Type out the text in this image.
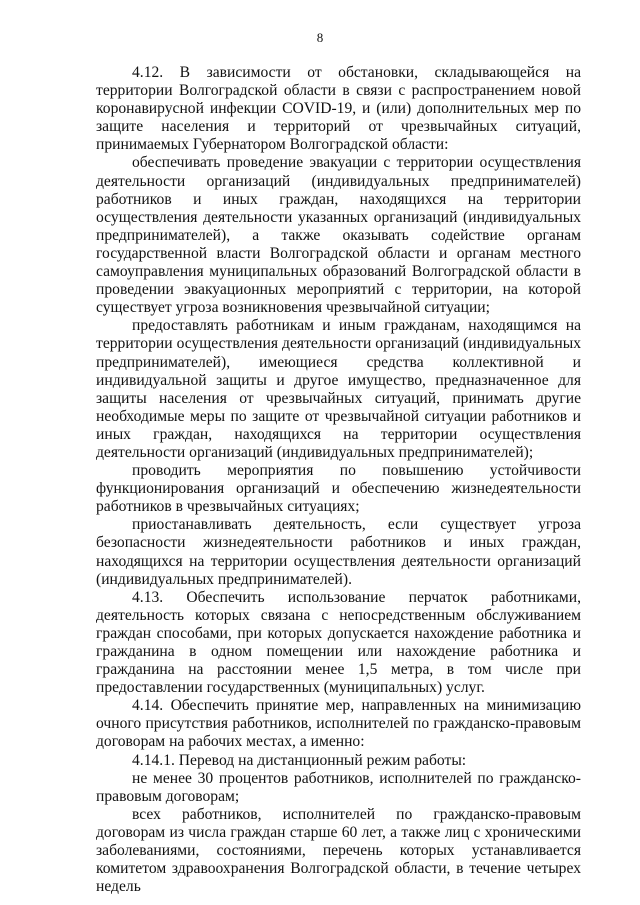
8

4.12. В зависимости от обстановки, складывающейся на территории Волгоградской области в связи с распространением новой коронавирусной инфекции COVID-19, и (или) дополнительных мер по защите населения и территорий от чрезвычайных ситуаций, принимаемых Губернатором Волгоградской области:

обеспечивать проведение эвакуации с территории осуществления деятельности организаций (индивидуальных предпринимателей) работников и иных граждан, находящихся на территории осуществления деятельности указанных организаций (индивидуальных предпринимателей), а также оказывать содействие органам государственной власти Волгоградской области и органам местного самоуправления муниципальных образований Волгоградской области в проведении эвакуационных мероприятий с территории, на которой существует угроза возникновения чрезвычайной ситуации;

предоставлять работникам и иным гражданам, находящимся на территории осуществления деятельности организаций (индивидуальных предпринимателей), имеющиеся средства коллективной и индивидуальной защиты и другое имущество, предназначенное для защиты населения от чрезвычайных ситуаций, принимать другие необходимые меры по защите от чрезвычайной ситуации работников и иных граждан, находящихся на территории осуществления деятельности организаций (индивидуальных предпринимателей);

проводить мероприятия по повышению устойчивости функционирования организаций и обеспечению жизнедеятельности работников в чрезвычайных ситуациях;

приостанавливать деятельность, если существует угроза безопасности жизнедеятельности работников и иных граждан, находящихся на территории осуществления деятельности организаций (индивидуальных предпринимателей).

4.13. Обеспечить использование перчаток работниками, деятельность которых связана с непосредственным обслуживанием граждан способами, при которых допускается нахождение работника и гражданина в одном помещении или нахождение работника и гражданина на расстоянии менее 1,5 метра, в том числе при предоставлении государственных (муниципальных) услуг.

4.14. Обеспечить принятие мер, направленных на минимизацию очного присутствия работников, исполнителей по гражданско-правовым договорам на рабочих местах, а именно:

4.14.1. Перевод на дистанционный режим работы:

не менее 30 процентов работников, исполнителей по гражданско-правовым договорам;

всех работников, исполнителей по гражданско-правовым договорам из числа граждан старше 60 лет, а также лиц с хроническими заболеваниями, состояниями, перечень которых устанавливается комитетом здравоохранения Волгоградской области, в течение четырех недель
